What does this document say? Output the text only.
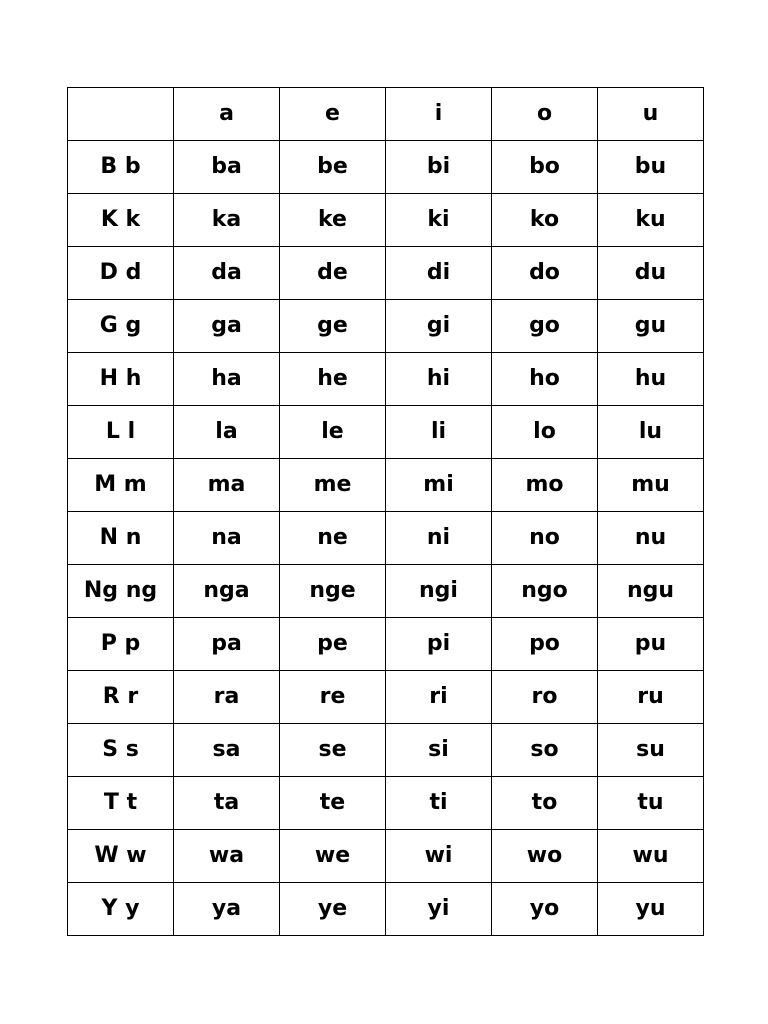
	a	e	i	o	u
B b	ba	be	bi	bo	bu
K k	ka	ke	ki	ko	ku
D d	da	de	di	do	du
G g	ga	ge	gi	go	gu
H h	ha	he	hi	ho	hu
L l	la	le	li	lo	lu
M m	ma	me	mi	mo	mu
N n	na	ne	ni	no	nu
Ng ng	nga	nge	ngi	ngo	ngu
P p	pa	pe	pi	po	pu
R r	ra	re	ri	ro	ru
S s	sa	se	si	so	su
T t	ta	te	ti	to	tu
W w	wa	we	wi	wo	wu
Y y	ya	ye	yi	yo	yu
